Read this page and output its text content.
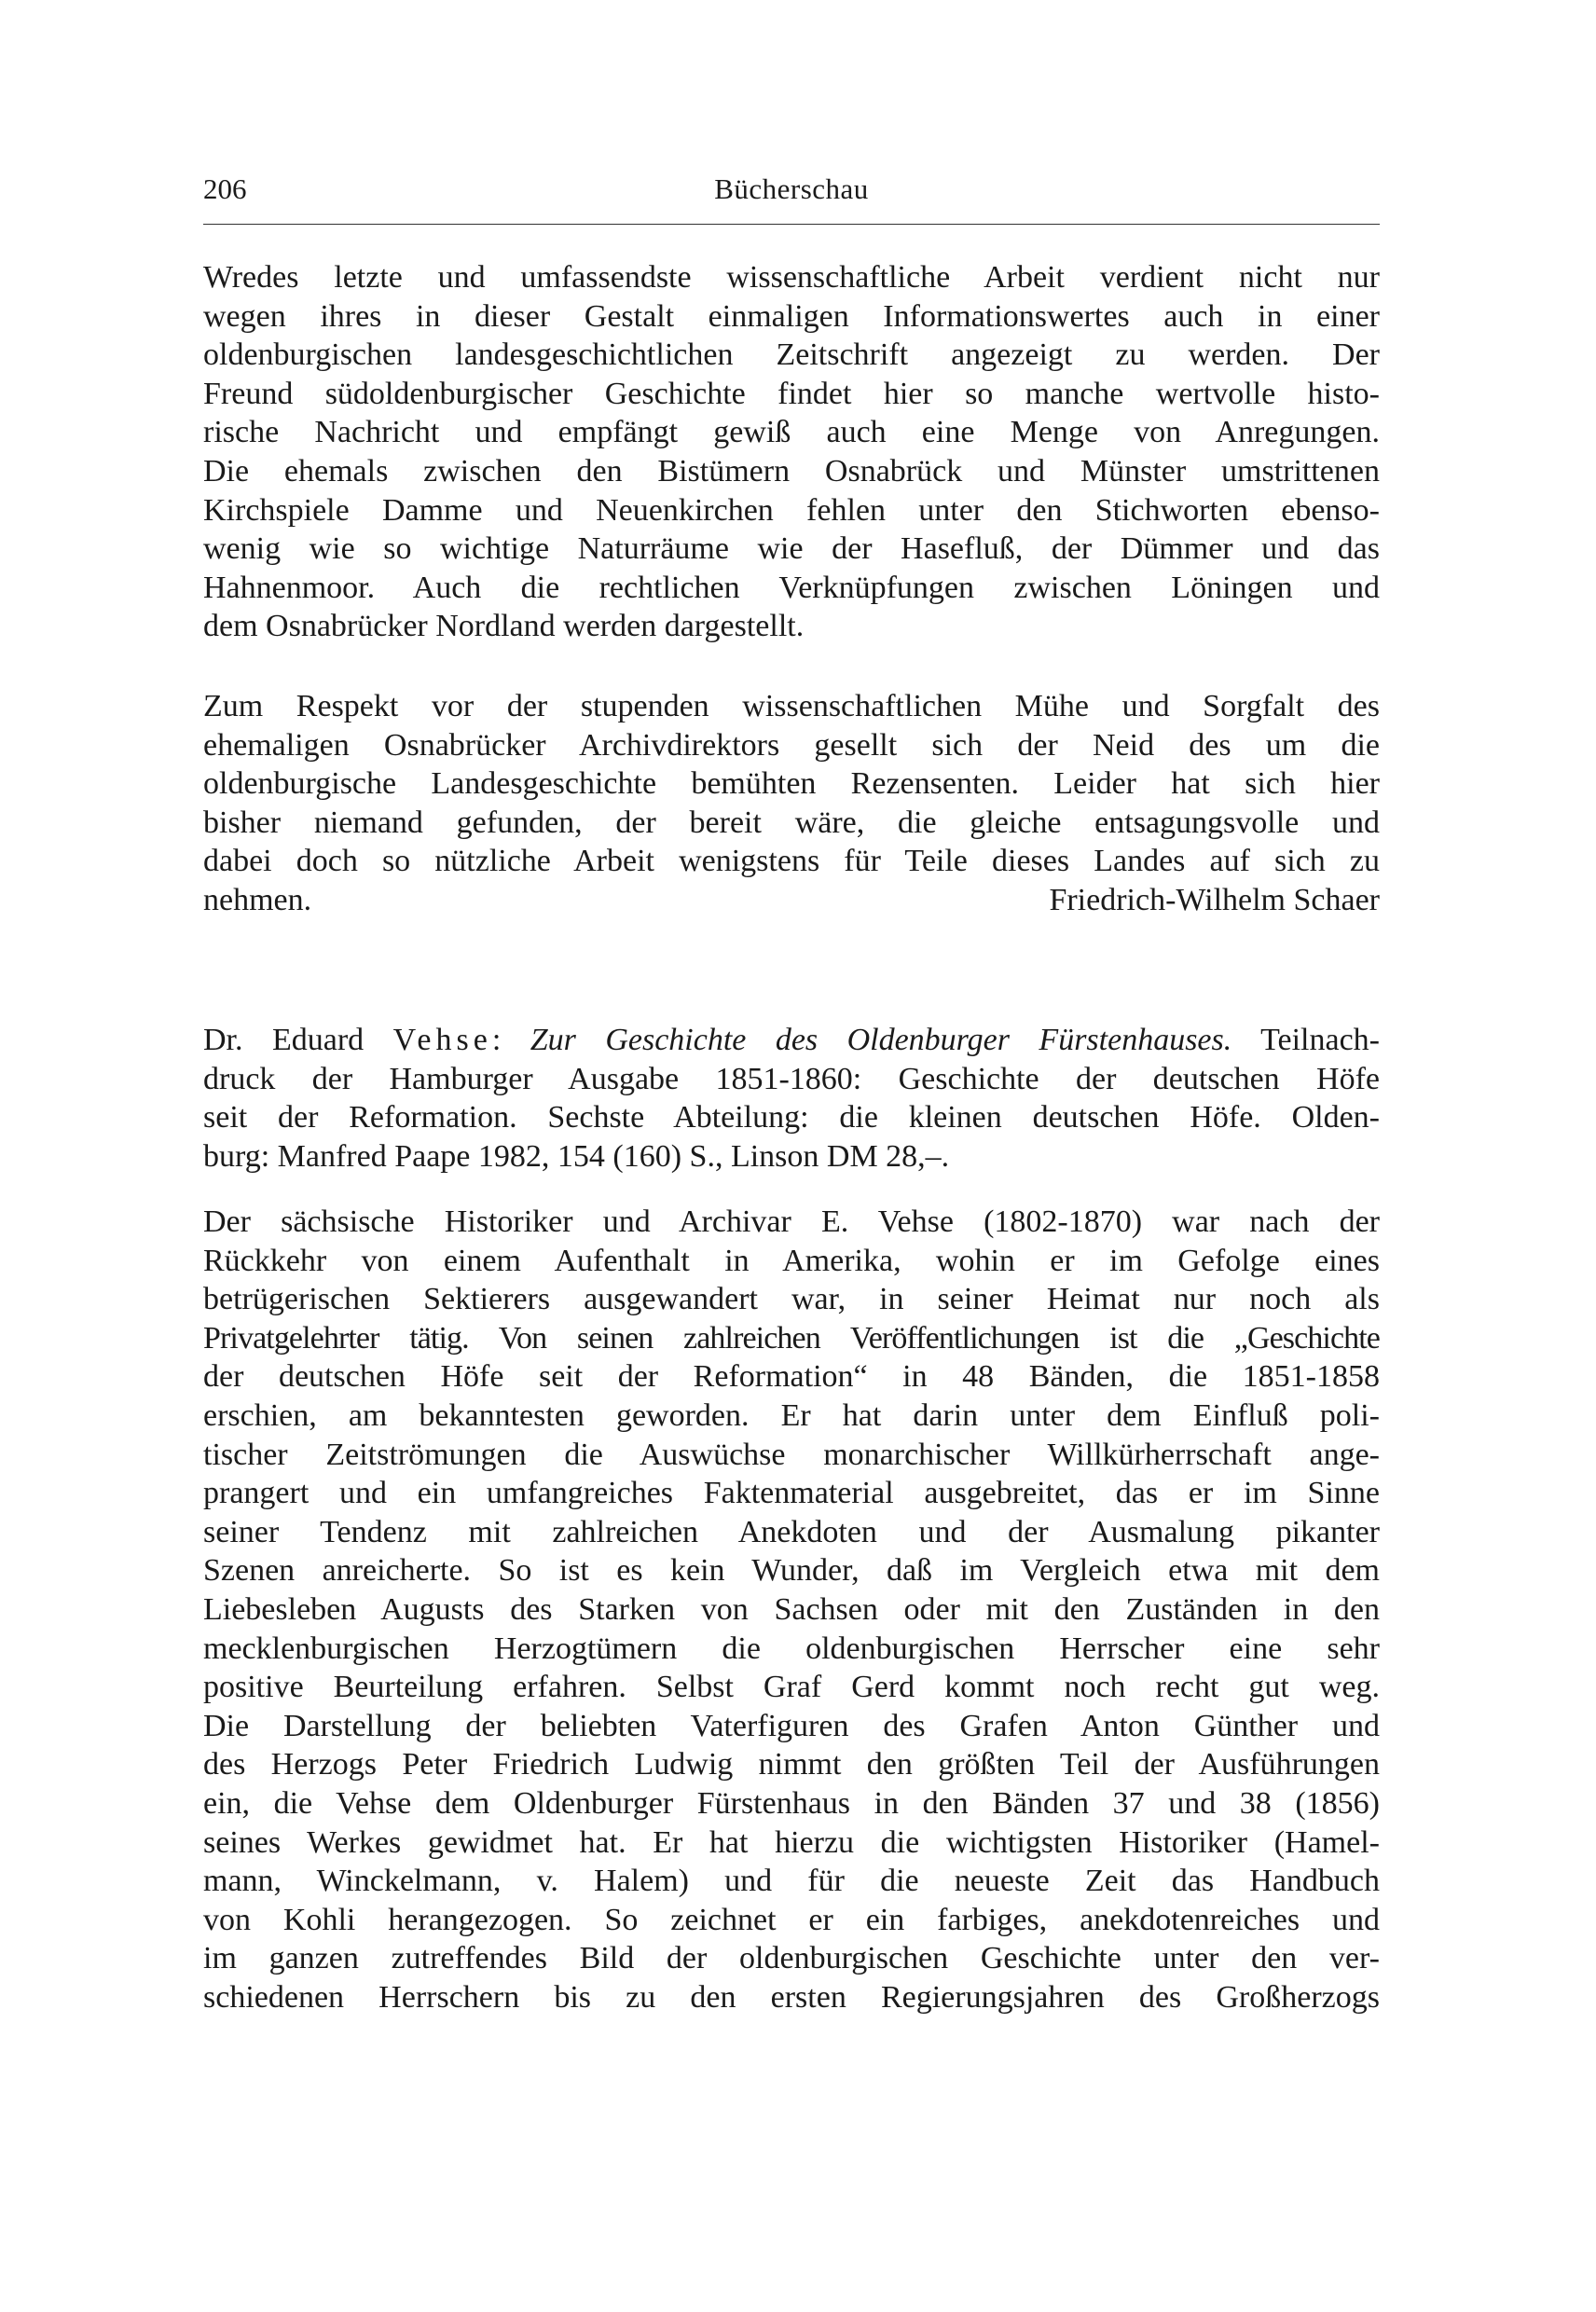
206	Bücherschau
Wredes letzte und umfassendste wissenschaftliche Arbeit verdient nicht nur
wegen ihres in dieser Gestalt einmaligen Informationswertes auch in einer
oldenburgischen landesgeschichtlichen Zeitschrift angezeigt zu werden. Der
Freund südoldenburgischer Geschichte findet hier so manche wertvolle histo-
rische Nachricht und empfängt gewiß auch eine Menge von Anregungen.
Die ehemals zwischen den Bistümern Osnabrück und Münster umstrittenen
Kirchspiele Damme und Neuenkirchen fehlen unter den Stichworten ebenso-
wenig wie so wichtige Naturräume wie der Hasefluß, der Dümmer und das
Hahnenmoor. Auch die rechtlichen Verknüpfungen zwischen Löningen und
dem Osnabrücker Nordland werden dargestellt.
Zum Respekt vor der stupenden wissenschaftlichen Mühe und Sorgfalt des
ehemaligen Osnabrücker Archivdirektors gesellt sich der Neid des um die
oldenburgische Landesgeschichte bemühten Rezensenten. Leider hat sich hier
bisher niemand gefunden, der bereit wäre, die gleiche entsagungsvolle und
dabei doch so nützliche Arbeit wenigstens für Teile dieses Landes auf sich zu
nehmen.	Friedrich-Wilhelm Schaer
Dr. Eduard Vehse: Zur Geschichte des Oldenburger Fürstenhauses. Teilnach-
druck der Hamburger Ausgabe 1851-1860: Geschichte der deutschen Höfe
seit der Reformation. Sechste Abteilung: die kleinen deutschen Höfe. Olden-
burg: Manfred Paape 1982, 154 (160) S., Linson DM 28,–.
Der sächsische Historiker und Archivar E. Vehse (1802-1870) war nach der
Rückkehr von einem Aufenthalt in Amerika, wohin er im Gefolge eines
betrügerischen Sektierers ausgewandert war, in seiner Heimat nur noch als
Privatgelehrter tätig. Von seinen zahlreichen Veröffentlichungen ist die „Geschichte
der deutschen Höfe seit der Reformation“ in 48 Bänden, die 1851-1858
erschien, am bekanntesten geworden. Er hat darin unter dem Einfluß poli-
tischer Zeitströmungen die Auswüchse monarchischer Willkürherrschaft ange-
prangert und ein umfangreiches Faktenmaterial ausgebreitet, das er im Sinne
seiner Tendenz mit zahlreichen Anekdoten und der Ausmalung pikanter
Szenen anreicherte. So ist es kein Wunder, daß im Vergleich etwa mit dem
Liebesleben Augusts des Starken von Sachsen oder mit den Zuständen in den
mecklenburgischen Herzogtümern die oldenburgischen Herrscher eine sehr
positive Beurteilung erfahren. Selbst Graf Gerd kommt noch recht gut weg.
Die Darstellung der beliebten Vaterfiguren des Grafen Anton Günther und
des Herzogs Peter Friedrich Ludwig nimmt den größten Teil der Ausführungen
ein, die Vehse dem Oldenburger Fürstenhaus in den Bänden 37 und 38 (1856)
seines Werkes gewidmet hat. Er hat hierzu die wichtigsten Historiker (Hamel-
mann, Winckelmann, v. Halem) und für die neueste Zeit das Handbuch
von Kohli herangezogen. So zeichnet er ein farbiges, anekdotenreiches und
im ganzen zutreffendes Bild der oldenburgischen Geschichte unter den ver-
schiedenen Herrschern bis zu den ersten Regierungsjahren des Großherzogs
